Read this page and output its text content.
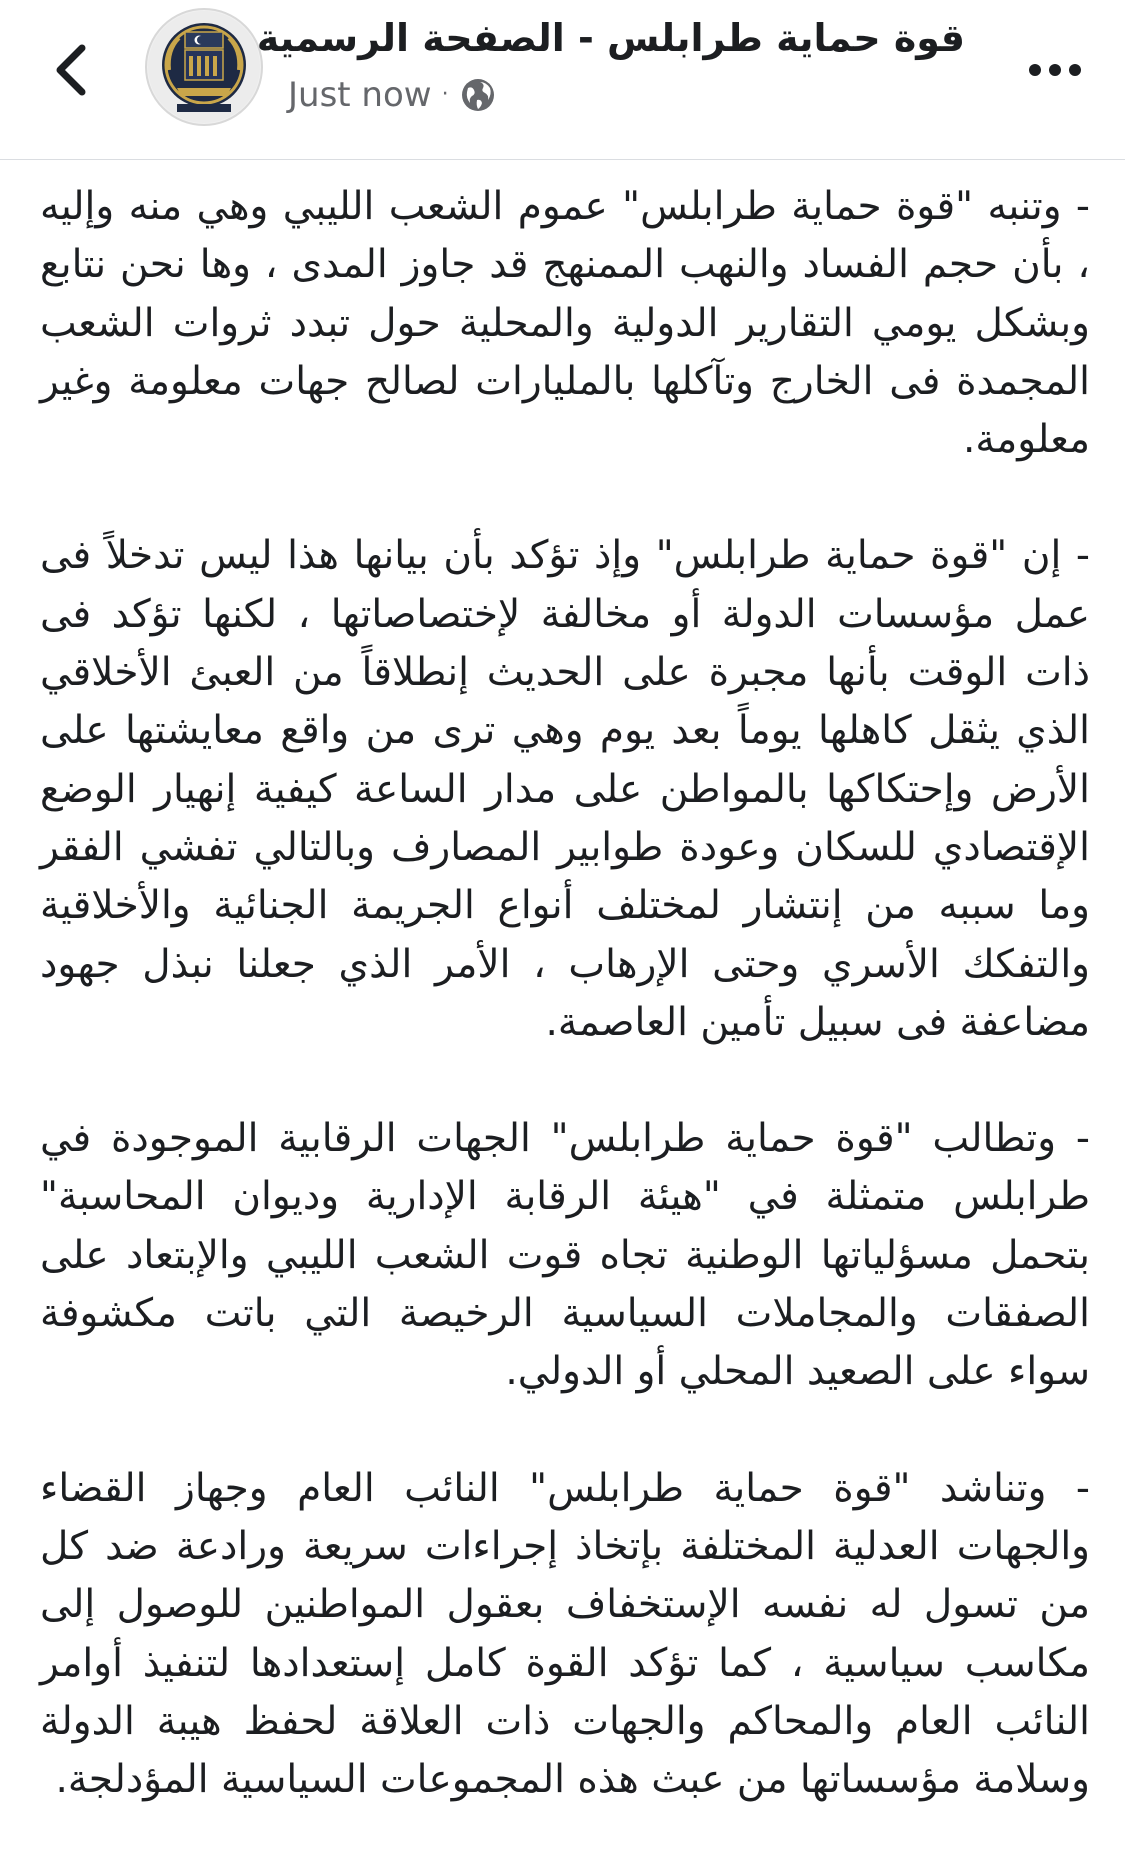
قوة حماية طرابلس - الصفحة الرسمية
Just now ·

- وتنبه "قوة حماية طرابلس" عموم الشعب الليبي وهي منه وإليه ، بأن حجم الفساد والنهب الممنهج قد جاوز المدى ، وها نحن نتابع وبشكل يومي التقارير الدولية والمحلية حول تبدد ثروات الشعب المجمدة فى الخارج وتآكلها بالمليارات لصالح جهات معلومة وغير معلومة.

- إن "قوة حماية طرابلس" وإذ تؤكد بأن بيانها هذا ليس تدخلاً فى عمل مؤسسات الدولة أو مخالفة لإختصاصاتها ، لكنها تؤكد فى ذات الوقت بأنها مجبرة على الحديث إنطلاقاً من العبئ الأخلاقي الذي يثقل كاهلها يوماً بعد يوم وهي ترى من واقع معايشتها على الأرض وإحتكاكها بالمواطن على مدار الساعة كيفية إنهيار الوضع الإقتصادي للسكان وعودة طوابير المصارف وبالتالي تفشي الفقر وما سببه من إنتشار لمختلف أنواع الجريمة الجنائية والأخلاقية والتفكك الأسري وحتى الإرهاب ، الأمر الذي جعلنا نبذل جهود مضاعفة فى سبيل تأمين العاصمة.

- وتطالب "قوة حماية طرابلس" الجهات الرقابية الموجودة في طرابلس متمثلة في "هيئة الرقابة الإدارية وديوان المحاسبة" بتحمل مسؤلياتها الوطنية تجاه قوت الشعب الليبي والإبتعاد على الصفقات والمجاملات السياسية الرخيصة التي باتت مكشوفة سواء على الصعيد المحلي أو الدولي.

- وتناشد "قوة حماية طرابلس" النائب العام وجهاز القضاء والجهات العدلية المختلفة بإتخاذ إجراءات سريعة ورادعة ضد كل من تسول له نفسه الإستخفاف بعقول المواطنين للوصول إلى مكاسب سياسية ، كما تؤكد القوة كامل إستعدادها لتنفيذ أوامر النائب العام والمحاكم والجهات ذات العلاقة لحفظ هيبة الدولة وسلامة مؤسساتها من عبث هذه المجموعات السياسية المؤدلجة.
